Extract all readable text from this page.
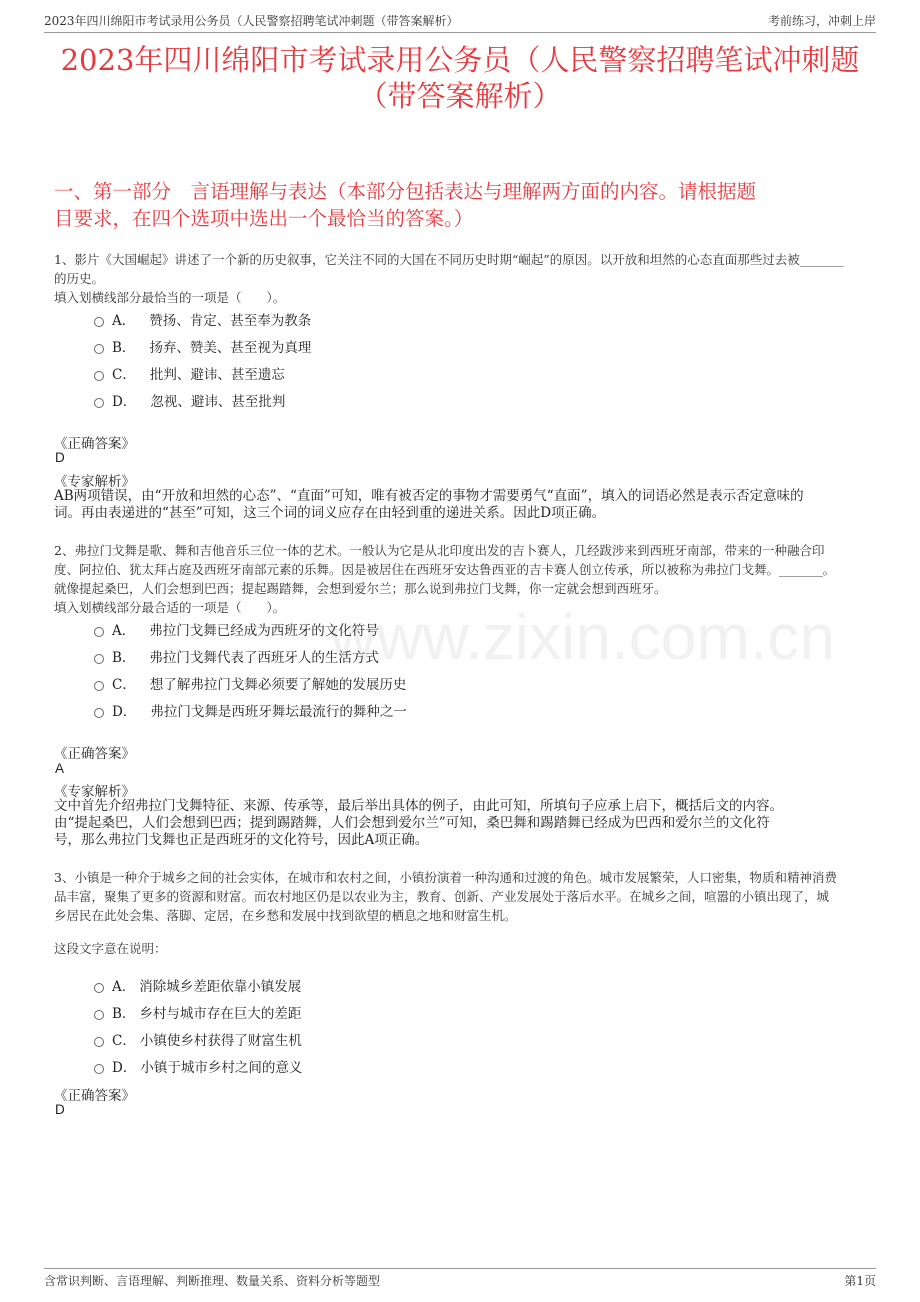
2023年四川绵阳市考试录用公务员（人民警察招聘笔试冲刺题（带答案解析）	考前练习，冲刺上岸
www.zixin.com.cn
2023年四川绵阳市考试录用公务员（人民警察招聘笔试冲刺题
（带答案解析）
一、第一部分　言语理解与表达（本部分包括表达与理解两方面的内容。请根据题
目要求，在四个选项中选出一个最恰当的答案。）
1、影片《大国崛起》讲述了一个新的历史叙事，它关注不同的大国在不同历史时期“崛起”的原因。以开放和坦然的心态直面那些过去被_______
的历史。
填入划横线部分最恰当的一项是（　　）。
A． 赞扬、肯定、甚至奉为教条
B． 扬弃、赞美、甚至视为真理
C． 批判、避讳、甚至遗忘
D． 忽视、避讳、甚至批判
《正确答案》
D
《专家解析》
AB两项错误，由“开放和坦然的心态”、“直面”可知，唯有被否定的事物才需要勇气“直面”，填入的词语必然是表示否定意味的
词。再由表递进的“甚至”可知，这三个词的词义应存在由轻到重的递进关系。因此D项正确。
2、弗拉门戈舞是歌、舞和吉他音乐三位一体的艺术。一般认为它是从北印度出发的吉卜赛人，几经跋涉来到西班牙南部，带来的一种融合印
度、阿拉伯、犹太拜占庭及西班牙南部元素的乐舞。因是被居住在西班牙安达鲁西亚的吉卡赛人创立传承，所以被称为弗拉门戈舞。_______。
就像提起桑巴，人们会想到巴西；提起踢踏舞，会想到爱尔兰；那么说到弗拉门戈舞，你一定就会想到西班牙。
填入划横线部分最合适的一项是（　　）。
A． 弗拉门戈舞已经成为西班牙的文化符号
B． 弗拉门戈舞代表了西班牙人的生活方式
C． 想了解弗拉门戈舞必须要了解她的发展历史
D． 弗拉门戈舞是西班牙舞坛最流行的舞种之一
《正确答案》
A
《专家解析》
文中首先介绍弗拉门戈舞特征、来源、传承等，最后举出具体的例子，由此可知，所填句子应承上启下，概括后文的内容。
由“提起桑巴，人们会想到巴西；提到踢踏舞，人们会想到爱尔兰”可知，桑巴舞和踢踏舞已经成为巴西和爱尔兰的文化符
号，那么弗拉门戈舞也正是西班牙的文化符号，因此A项正确。
3、小镇是一种介于城乡之间的社会实体，在城市和农村之间，小镇扮演着一种沟通和过渡的角色。城市发展繁荣，人口密集，物质和精神消费
品丰富，聚集了更多的资源和财富。而农村地区仍是以农业为主，教育、创新、产业发展处于落后水平。在城乡之间，喧嚣的小镇出现了，城
乡居民在此处会集、落脚、定居，在乡愁和发展中找到欲望的栖息之地和财富生机。
这段文字意在说明：
A． 消除城乡差距依靠小镇发展
B． 乡村与城市存在巨大的差距
C． 小镇使乡村获得了财富生机
D． 小镇于城市乡村之间的意义
《正确答案》
D
含常识判断、言语理解、判断推理、数量关系、资料分析等题型	第1页
